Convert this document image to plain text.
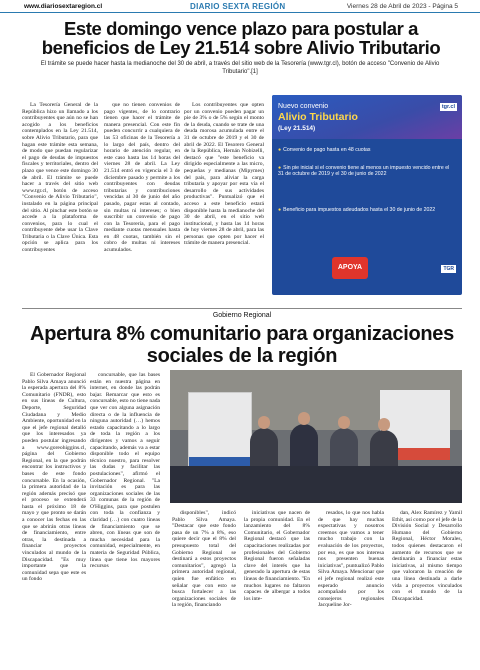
www.diariosextaregion.cl	DIARIO SEXTA REGIÓN	Viernes 28 de Abril de 2023 - Página 5
Este domingo vence plazo para postular a beneficios de Ley 21.514 sobre Alivio Tributario
El trámite se puede hacer hasta la medianoche del 30 de abril, a través del sitio web de la Tesorería (www.tgr.cl), botón de acceso "Convenio de Alivio Tributario".[1]

La Tesorería General de la República hizo un llamado a los contribuyentes que aún no se han acogido a los beneficios contemplados en la Ley 21.514, sobre Alivio Tributario, para que hagan este trámite esta semana, de modo que puedan regularizar el pago de deudas de impuestos fiscales y territoriales, dentro del plazo que vence este domingo 30 de abril. El trámite se puede hacer a través del sitio web www.tgr.cl, botón de acceso "Convenio de Alivio Tributario", instalado en la página principal del sitio. Al pinchar este botón se accede a la plataforma de convenios, para lo cual el contribuyente debe usar la Clave Tributaria o la Clave Única. Esta opción se aplica para los contribuyentes

que no tienen convenios de pago vigentes, de lo contrario tienen que hacer el trámite de manera presencial. Con este fin pueden concurrir a cualquiera de las 53 oficinas de la Tesorería a lo largo del país, dentro del horario de atención regular, en este caso hasta las 14 horas del viernes 28 de abril. La Ley 21.514 entró en vigencia el 3 de diciembre pasado y permite a los contribuyentes con deudas tributarias y contribuciones vencidas al 30 de junio del año pasado, pagar estas al contado, sin multas ni intereses; o bien suscribir un convenio de pago con la Tesorería, para el pago mediante cuotas mensuales hasta en 48 cuotas, también sin el cobro de multas ni intereses acumulados.

Los contribuyentes que opten por un convenio pueden pagar un pie de 3% o de 5% según el monto de la deuda, cuando se trate de una deuda morosa acumulada entre el 31 de octubre de 2019 y el 30 de abril de 2022. El Tesorero General de la República, Hernán Nobizelli, destacó que "este beneficio va dirigido especialmente a las micro, pequeñas y medianas (Mipymes) del país, para aliviar la carga tributaria y apoyar por esta vía el desarrollo de sus actividades productivas". Puntualizó que el acceso a este beneficio estará disponible hasta la medianoche del 30 de abril, en el sitio web institucional, y hasta las 14 horas de hoy viernes 28 de abril, para las personas que opten por hacer el trámite de manera presencial.

Nuevo convenio
Alivio Tributario
(Ley 21.514)
tgr.cl
● Convenio de pago hasta en 48 cuotas
● Sin pie inicial si el convenio tiene al menos un impuesto vencido entre el 31 de octubre de 2019 y el 30 de junio de 2022
● Beneficio para impuestos adeudados hasta el 30 de junio de 2022
APOYA	TGR
Gobierno Regional
Apertura 8% comunitario para organizaciones sociales de la región

El Gobernador Regional Pablo Silva Amaya anunció la esperada apertura del 8% Comunitario (FNDR), esto en sus líneas de Cultura, Deporte, Seguridad Ciudadana y Medio Ambiente, oportunidad en la que el jefe regional detalló que los interesados ya pueden postular ingresando a www.goreohiggins.cl, página del Gobierno Regional, en la que podrán encontrar los instructivos y bases de este fondo concursable. En la ocasión, la primera autoridad de la región además precisó que el proceso se extenderá hasta el próximo 18 de mayo y que pronto se darán a conocer las fechas en las que se abrirán otras líneas de financiamiento, entre otras, la destinada a financiar proyectos vinculados al mundo de la Discapacidad. "Es muy importante que la comunidad sepa que este es un fondo

concursable, que las bases están en nuestra página en internet, en donde las podrán bajar. Remarcar que esto es concursable, esto no tiene nada que ver con alguna asignación directa o de la influencia de ninguna autoridad (…) hemos estado capacitando a lo largo de toda la región a los dirigentes y vamos a seguir capacitando, además va a estar disponible todo el equipo técnico nuestro, para resolver las dudas y facilitar las postulaciones", afirmó el Gobernador Regional. "La invitación es para las organizaciones sociales de las 33 comunas de la región de O'Higgins, para que postulen con toda la confianza y claridad (…) con cuatro líneas de financiamiento que se abren, con líneas que son de mucha necesidad para la comunidad, especialmente, en materia de Seguridad Pública, línea que tiene los mayores recursos

disponibles", indicó Pablo Silva Amaya. "Destacar que este fondo pasa de un 7% a 8%, eso quiere decir que el 8% del presupuesto total del Gobierno Regional se destinará a estos proyectos comunitarios", agregó la primera autoridad regional, quien fue enfático en señalar que con esto se busca fortalecer a las organizaciones sociales de la región, financiando

iniciativas que nacen de la propia comunidad. En el lanzamiento del 8% Comunitario, el Gobernador Regional destacó que las capacitaciones realizadas por profesionales del Gobierno Regional fueron señaladas clave del interés que ha generado la apertura de estas líneas de financiamiento. "En muchos lugares no faltaron capaces de albergar a todos los inte-

resados, lo que nos habla de que hay muchas expectativas y nosotros creemos que vamos a tener mucho trabajo con la evaluación de los proyectos, por eso, es que nos interesa nos presenten buenas iniciativas", puntualizó Pablo Silva Amaya. Mencionar que el jefe regional realizó este esperado anuncio acompañado por los consejeros regionales Jacqueline Jor-

dan, Alex Ramírez y Yamil Ethit, así como por el jefe de la División Social y Desarrollo Humano del Gobierno Regional, Héctor Morales, todos quienes destacaron el aumento de recursos que se destinarán a financiar estas iniciativas, al mismo tiempo que valoraron la creación de una línea destinada a darle vida a proyectos vinculados con el mundo de la Discapacidad.
